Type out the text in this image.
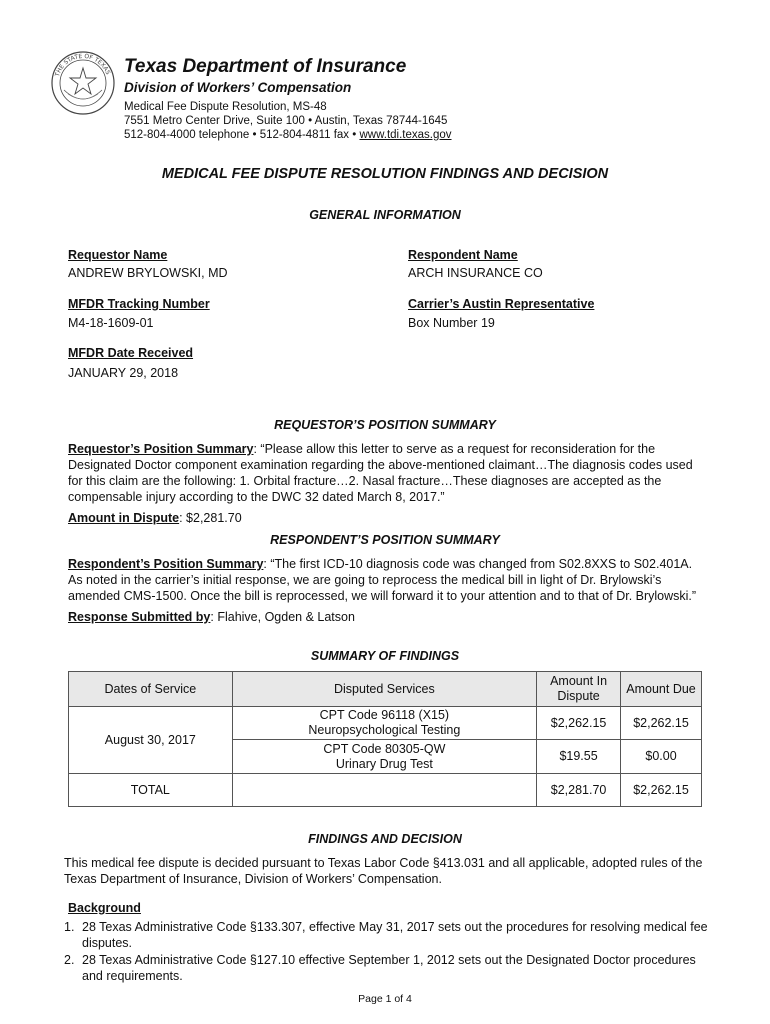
THE STATE OF TEXAS Texas Department of Insurance
Division of Workers’ Compensation
Medical Fee Dispute Resolution, MS-48
7551 Metro Center Drive, Suite 100 • Austin, Texas 78744-1645
512-804-4000 telephone • 512-804-4811 fax • www.tdi.texas.gov
MEDICAL FEE DISPUTE RESOLUTION FINDINGS AND DECISION
GENERAL INFORMATION
Requestor Name
ANDREW BRYLOWSKI, MD
Respondent Name
ARCH INSURANCE CO
MFDR Tracking Number
M4-18-1609-01
Carrier’s Austin Representative
Box Number 19
MFDR Date Received
JANUARY 29, 2018
REQUESTOR’S POSITION SUMMARY
Requestor’s Position Summary: “Please allow this letter to serve as a request for reconsideration for the Designated Doctor component examination regarding the above-mentioned claimant…The diagnosis codes used for this claim are the following: 1. Orbital fracture…2. Nasal fracture…These diagnoses are accepted as the compensable injury according to the DWC 32 dated March 8, 2017.”
Amount in Dispute: $2,281.70
RESPONDENT’S POSITION SUMMARY
Respondent’s Position Summary: “The first ICD-10 diagnosis code was changed from S02.8XXS to S02.401A. As noted in the carrier’s initial response, we are going to reprocess the medical bill in light of Dr. Brylowski’s amended CMS-1500. Once the bill is reprocessed, we will forward it to your attention and to that of Dr. Brylowski.”
Response Submitted by: Flahive, Ogden & Latson
SUMMARY OF FINDINGS
Dates of Service	Disputed Services	Amount In Dispute	Amount Due
August 30, 2017	CPT Code 96118 (X15)
Neuropsychological Testing	$2,262.15	$2,262.15

	CPT Code 80305-QW
Urinary Drug Test	$19.55	$0.00
TOTAL		$2,281.70	$2,262.15
FINDINGS AND DECISION
This medical fee dispute is decided pursuant to Texas Labor Code §413.031 and all applicable, adopted rules of the Texas Department of Insurance, Division of Workers’ Compensation.
Background
1. 28 Texas Administrative Code §133.307, effective May 31, 2017 sets out the procedures for resolving medical fee disputes.
2. 28 Texas Administrative Code §127.10 effective September 1, 2012 sets out the Designated Doctor procedures and requirements.
Page 1 of 4
